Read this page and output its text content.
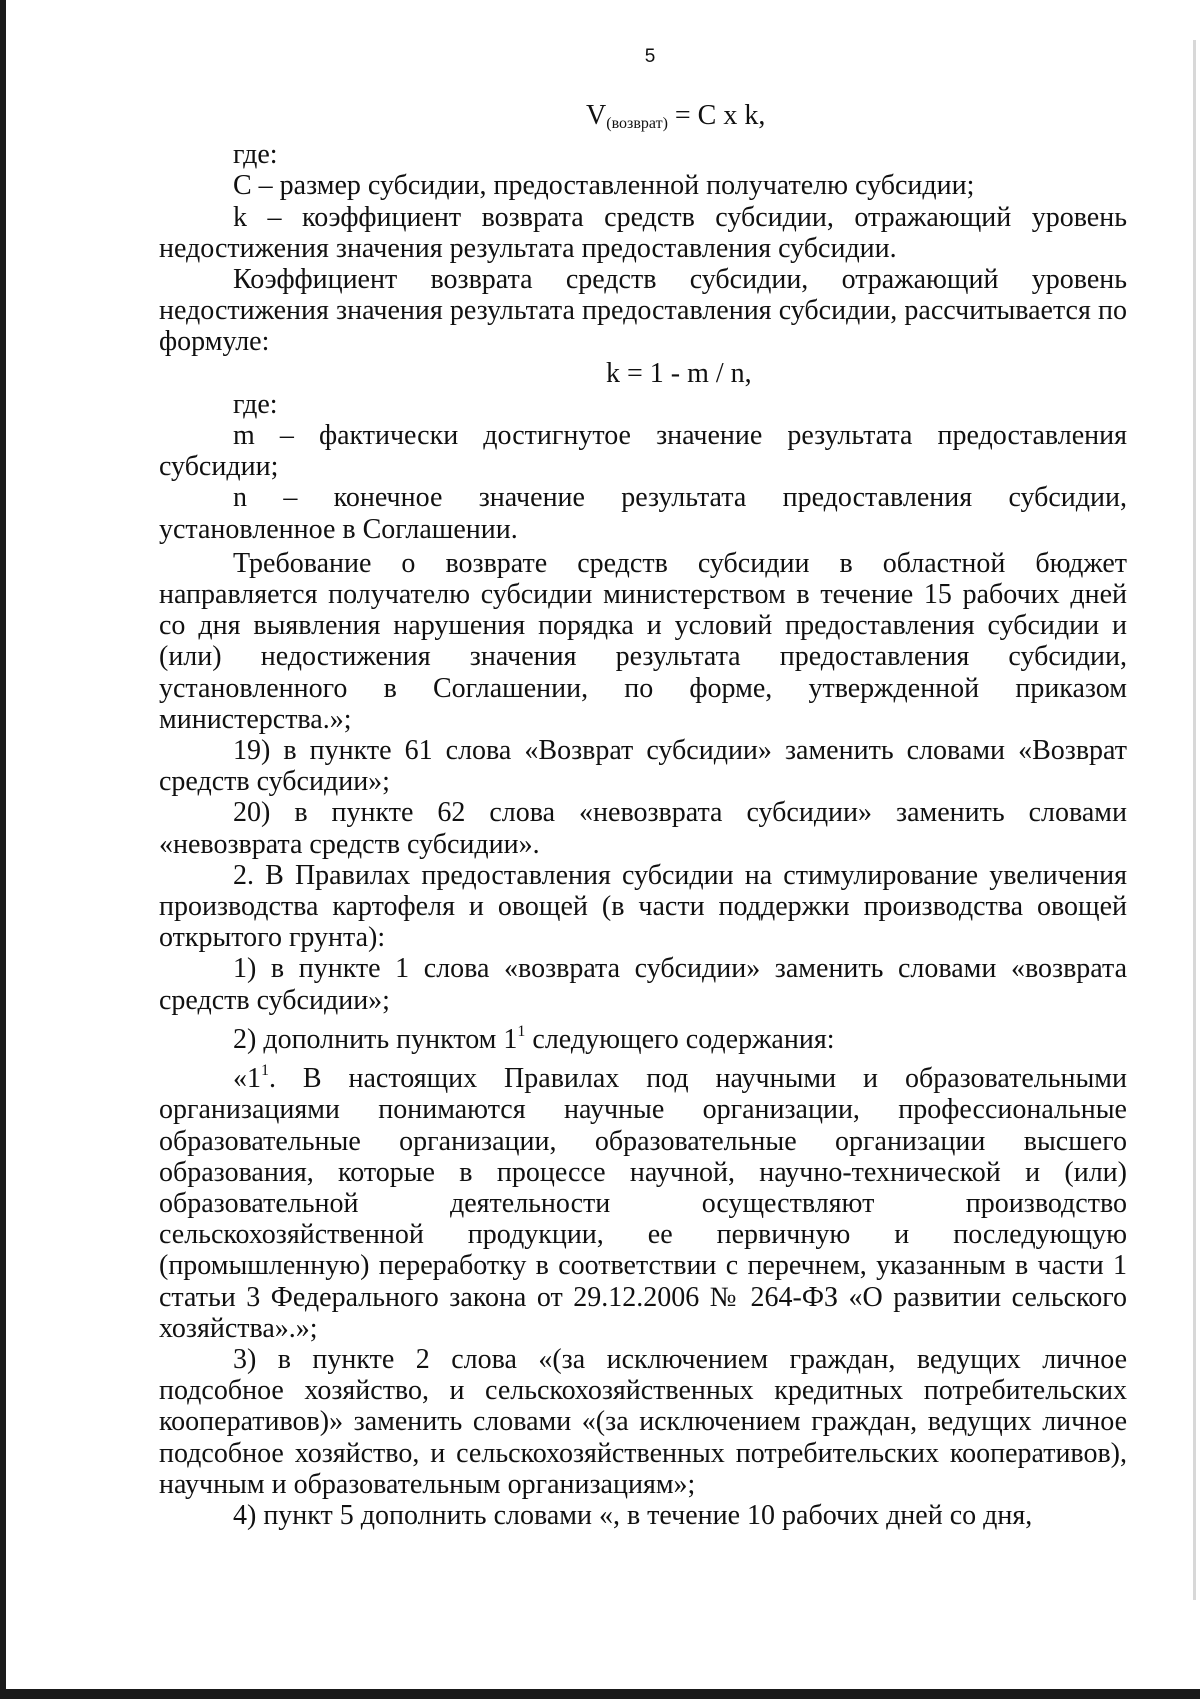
5

$V_{(возврат)} = C$ x k,

где:

C – размер субсидии, предоставленной получателю субсидии;

k – коэффициент возврата средств субсидии, отражающий уровень недостижения значения результата предоставления субсидии.

Коэффициент возврата средств субсидии, отражающий уровень недостижения значения результата предоставления субсидии, рассчитывается по формуле:

k = 1 - m / n,

где:

m – фактически достигнутое значение результата предоставления субсидии;

n – конечное значение результата предоставления субсидии, установленное в Соглашении.

Требование о возврате средств субсидии в областной бюджет направляется получателю субсидии министерством в течение 15 рабочих дней со дня выявления нарушения порядка и условий предоставления субсидии и (или) недостижения значения результата предоставления субсидии, установленного в Соглашении, по форме, утвержденной приказом министерства.»;

19) в пункте 61 слова «Возврат субсидии» заменить словами «Возврат средств субсидии»;

20) в пункте 62 слова «невозврата субсидии» заменить словами «невозврата средств субсидии».

2. В Правилах предоставления субсидии на стимулирование увеличения производства картофеля и овощей (в части поддержки производства овощей открытого грунта):

1) в пункте 1 слова «возврата субсидии» заменить словами «возврата средств субсидии»;

2) дополнить пунктом $1^1$ следующего содержания:

«$1^1$. В настоящих Правилах под научными и образовательными организациями понимаются научные организации, профессиональные образовательные организации, образовательные организации высшего образования, которые в процессе научной, научно-технической и (или) образовательной деятельности осуществляют производство сельскохозяйственной продукции, ее первичную и последующую (промышленную) переработку в соответствии с перечнем, указанным в части 1 статьи 3 Федерального закона от 29.12.2006 № 264-ФЗ «О развитии сельского хозяйства».»;

3) в пункте 2 слова «(за исключением граждан, ведущих личное подсобное хозяйство, и сельскохозяйственных кредитных потребительских кооперативов)» заменить словами «(за исключением граждан, ведущих личное подсобное хозяйство, и сельскохозяйственных потребительских кооперативов), научным и образовательным организациям»;

4) пункт 5 дополнить словами «, в течение 10 рабочих дней со дня,
